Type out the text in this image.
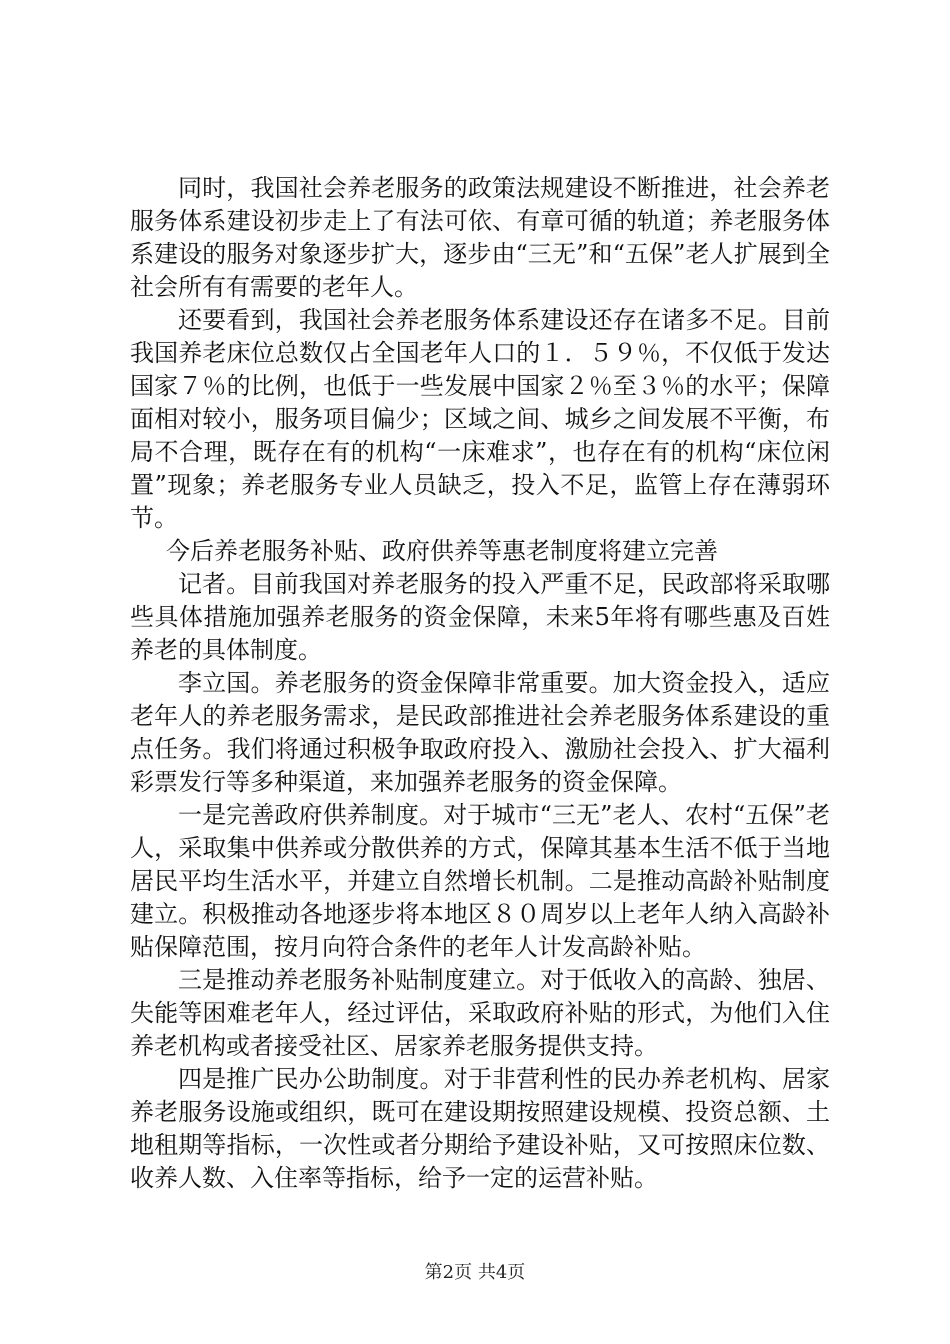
同时，我国社会养老服务的政策法规建设不断推进，社会养老服务体系建设初步走上了有法可依、有章可循的轨道；养老服务体系建设的服务对象逐步扩大，逐步由“三无”和“五保”老人扩展到全社会所有有需要的老年人。

还要看到，我国社会养老服务体系建设还存在诸多不足。目前我国养老床位总数仅占全国老年人口的１．５９％，不仅低于发达国家７％的比例，也低于一些发展中国家２％至３％的水平；保障面相对较小，服务项目偏少；区域之间、城乡之间发展不平衡，布局不合理，既存在有的机构“一床难求”，也存在有的机构“床位闲置”现象；养老服务专业人员缺乏，投入不足，监管上存在薄弱环节。

今后养老服务补贴、政府供养等惠老制度将建立完善

记者。目前我国对养老服务的投入严重不足，民政部将采取哪些具体措施加强养老服务的资金保障，未来5年将有哪些惠及百姓养老的具体制度。

李立国。养老服务的资金保障非常重要。加大资金投入，适应老年人的养老服务需求，是民政部推进社会养老服务体系建设的重点任务。我们将通过积极争取政府投入、激励社会投入、扩大福利彩票发行等多种渠道，来加强养老服务的资金保障。

一是完善政府供养制度。对于城市“三无”老人、农村“五保”老人，采取集中供养或分散供养的方式，保障其基本生活不低于当地居民平均生活水平，并建立自然增长机制。二是推动高龄补贴制度建立。积极推动各地逐步将本地区８０周岁以上老年人纳入高龄补贴保障范围，按月向符合条件的老年人计发高龄补贴。

三是推动养老服务补贴制度建立。对于低收入的高龄、独居、失能等困难老年人，经过评估，采取政府补贴的形式，为他们入住养老机构或者接受社区、居家养老服务提供支持。

四是推广民办公助制度。对于非营利性的民办养老机构、居家养老服务设施或组织，既可在建设期按照建设规模、投资总额、土地租期等指标，一次性或者分期给予建设补贴，又可按照床位数、收养人数、入住率等指标，给予一定的运营补贴。

第2页 共4页
